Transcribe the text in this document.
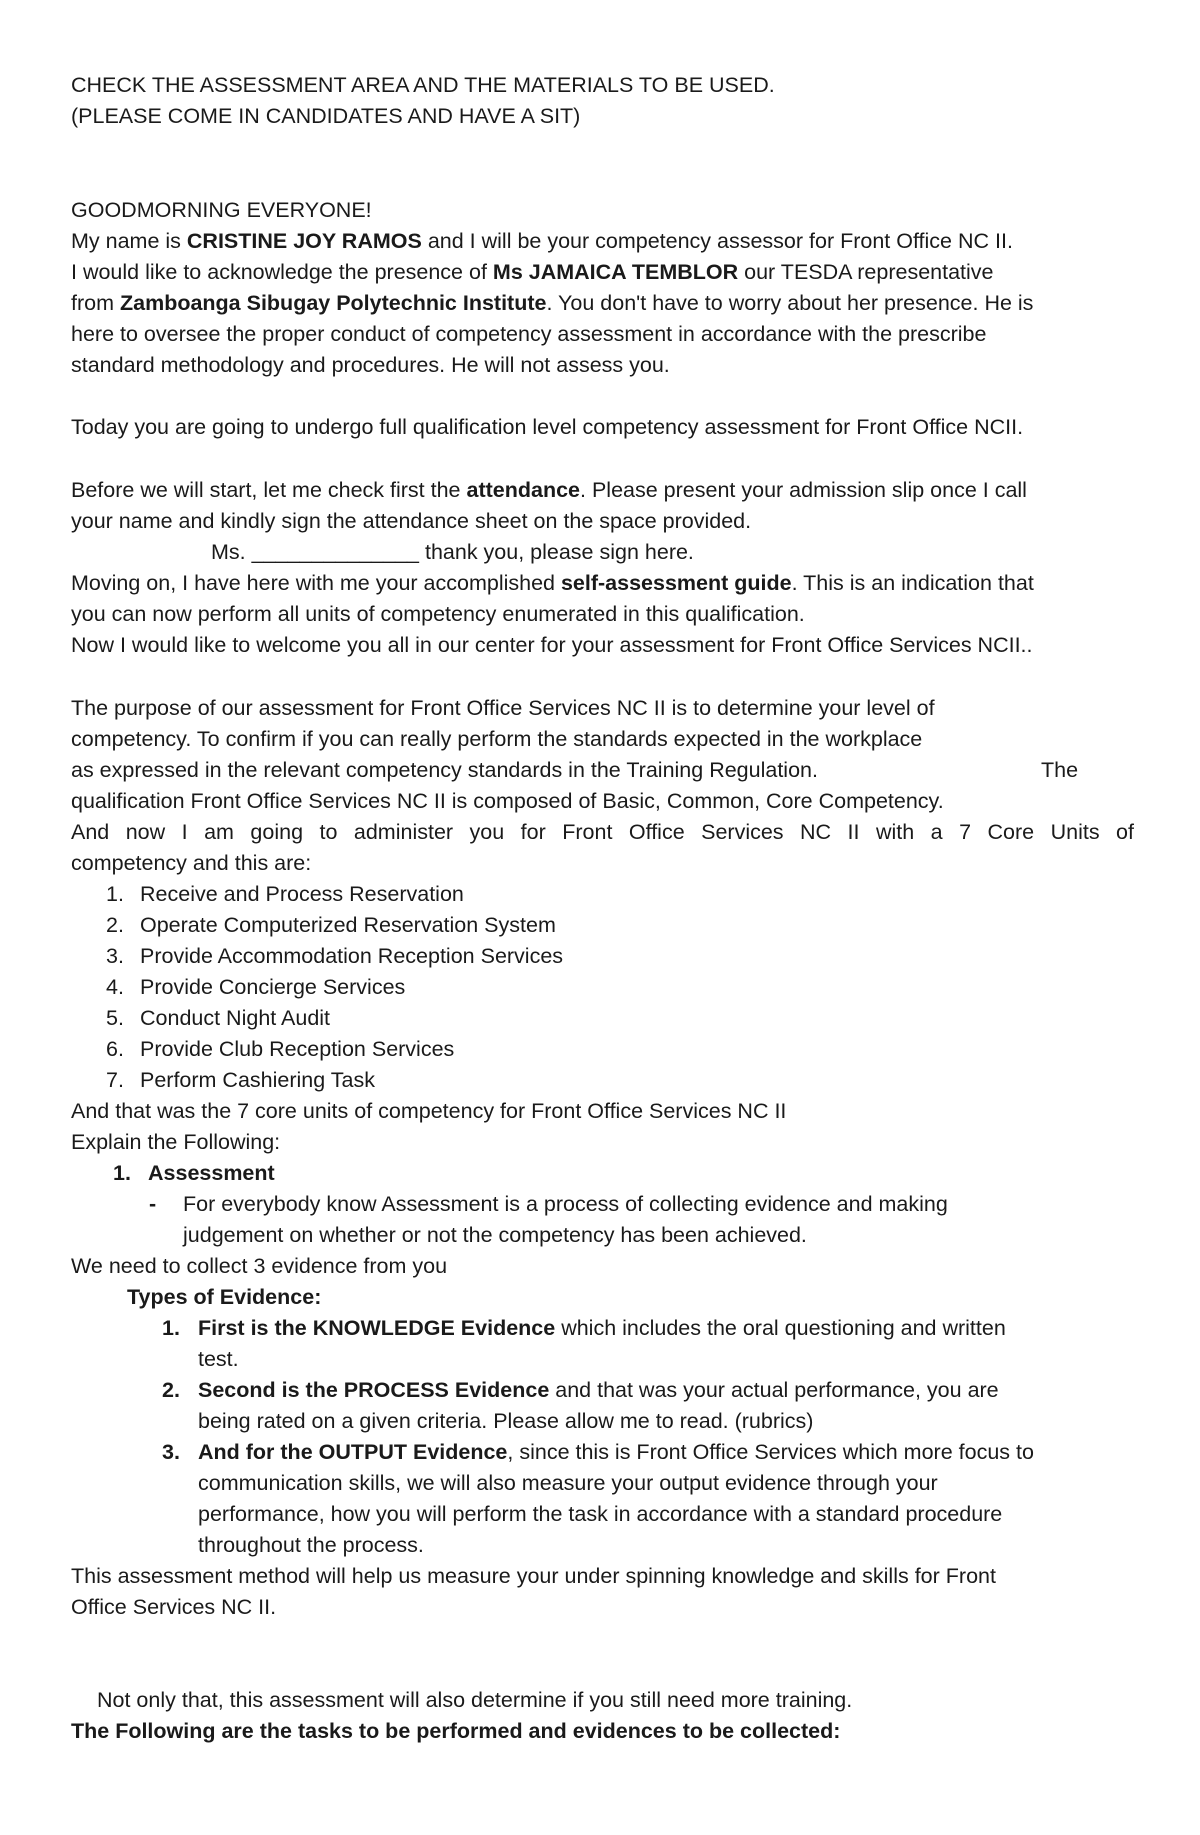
CHECK THE ASSESSMENT AREA AND THE MATERIALS TO BE USED.
(PLEASE COME IN CANDIDATES AND HAVE A SIT)
GOODMORNING EVERYONE!
My name is CRISTINE JOY RAMOS and I will be your competency assessor for Front Office NC II.
I would like to acknowledge the presence of Ms JAMAICA TEMBLOR our TESDA representative
from Zamboanga Sibugay Polytechnic Institute. You don't have to worry about her presence. He is
here to oversee the proper conduct of competency assessment in accordance with the prescribe
standard methodology and procedures. He will not assess you.
Today you are going to undergo full qualification level competency assessment for Front Office NCII.
Before we will start, let me check first the attendance. Please present your admission slip once I call
your name and kindly sign the attendance sheet on the space provided.
Ms. ______________ thank you, please sign here.
Moving on, I have here with me your accomplished self-assessment guide. This is an indication that
you can now perform all units of competency enumerated in this qualification.
Now I would like to welcome you all in our center for your assessment for Front Office Services NCII..
The purpose of our assessment for Front Office Services NC II is to determine your level of
competency. To confirm if you can really perform the standards expected in the workplace
as expressed in the relevant competency standards in the Training Regulation.	The
qualification Front Office Services NC II is composed of Basic, Common, Core Competency.
And now I am going to administer you for Front Office Services NC II with a 7 Core Units of
competency and this are:
1. Receive and Process Reservation
2. Operate Computerized Reservation System
3. Provide Accommodation Reception Services
4. Provide Concierge Services
5. Conduct Night Audit
6. Provide Club Reception Services
7. Perform Cashiering Task
And that was the 7 core units of competency for Front Office Services NC II
Explain the Following:
1. Assessment
- For everybody know Assessment is a process of collecting evidence and making
judgement on whether or not the competency has been achieved.
We need to collect 3 evidence from you
Types of Evidence:
1. First is the KNOWLEDGE Evidence which includes the oral questioning and written
test.
2. Second is the PROCESS Evidence and that was your actual performance, you are
being rated on a given criteria. Please allow me to read. (rubrics)
3. And for the OUTPUT Evidence, since this is Front Office Services which more focus to
communication skills, we will also measure your output evidence through your
performance, how you will perform the task in accordance with a standard procedure
throughout the process.
This assessment method will help us measure your under spinning knowledge and skills for Front
Office Services NC II.
Not only that, this assessment will also determine if you still need more training.
The Following are the tasks to be performed and evidences to be collected:
